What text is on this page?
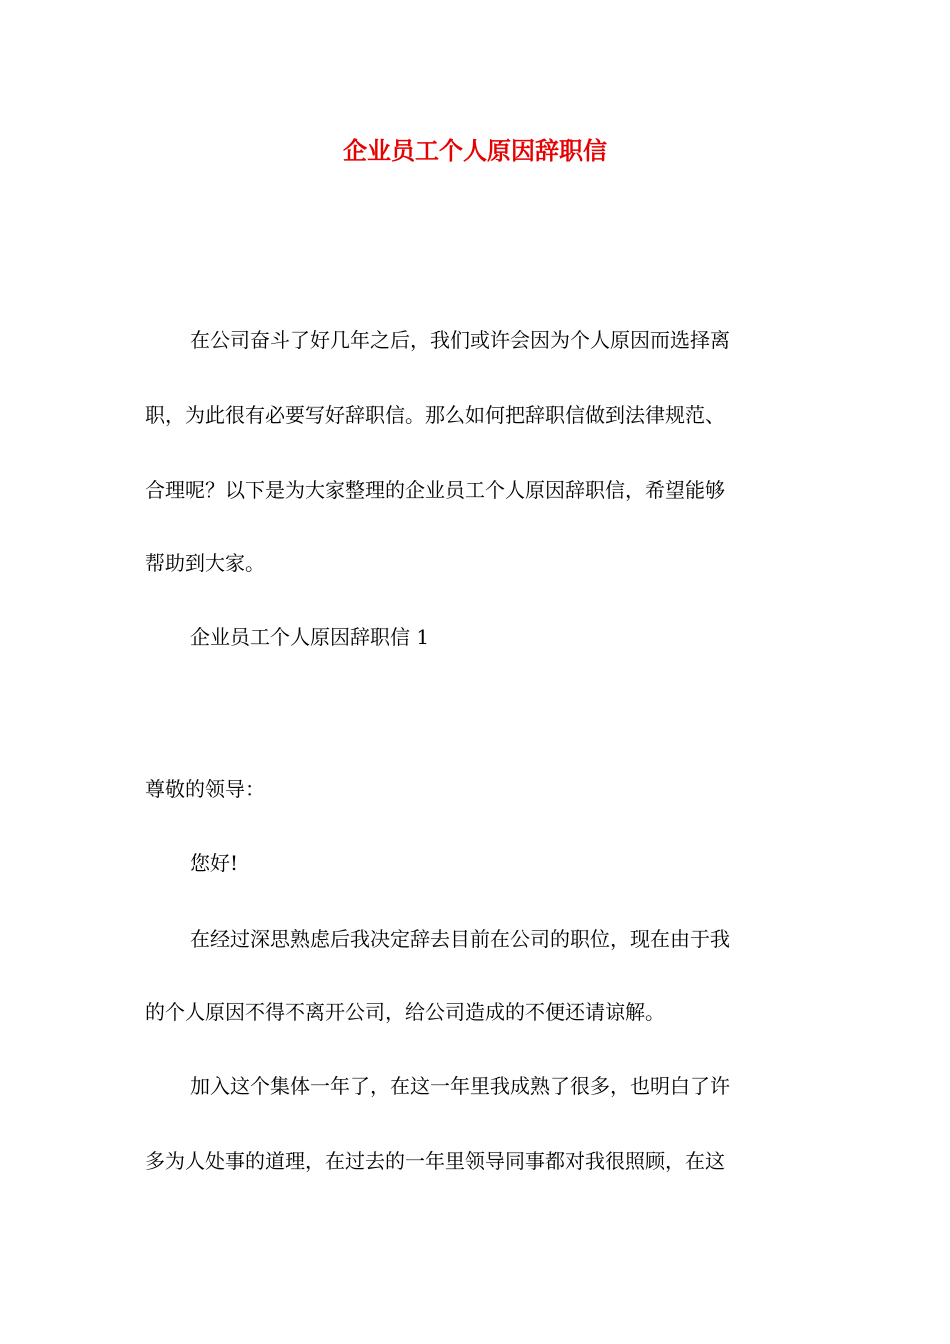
企业员工个人原因辞职信

在公司奋斗了好几年之后，我们或许会因为个人原因而选择离

职，为此很有必要写好辞职信。那么如何把辞职信做到法律规范、

合理呢？以下是为大家整理的企业员工个人原因辞职信，希望能够

帮助到大家。

企业员工个人原因辞职信 1

尊敬的领导：

您好!

在经过深思熟虑后我决定辞去目前在公司的职位，现在由于我

的个人原因不得不离开公司，给公司造成的不便还请谅解。

加入这个集体一年了，在这一年里我成熟了很多，也明白了许

多为人处事的道理，在过去的一年里领导同事都对我很照顾，在这
